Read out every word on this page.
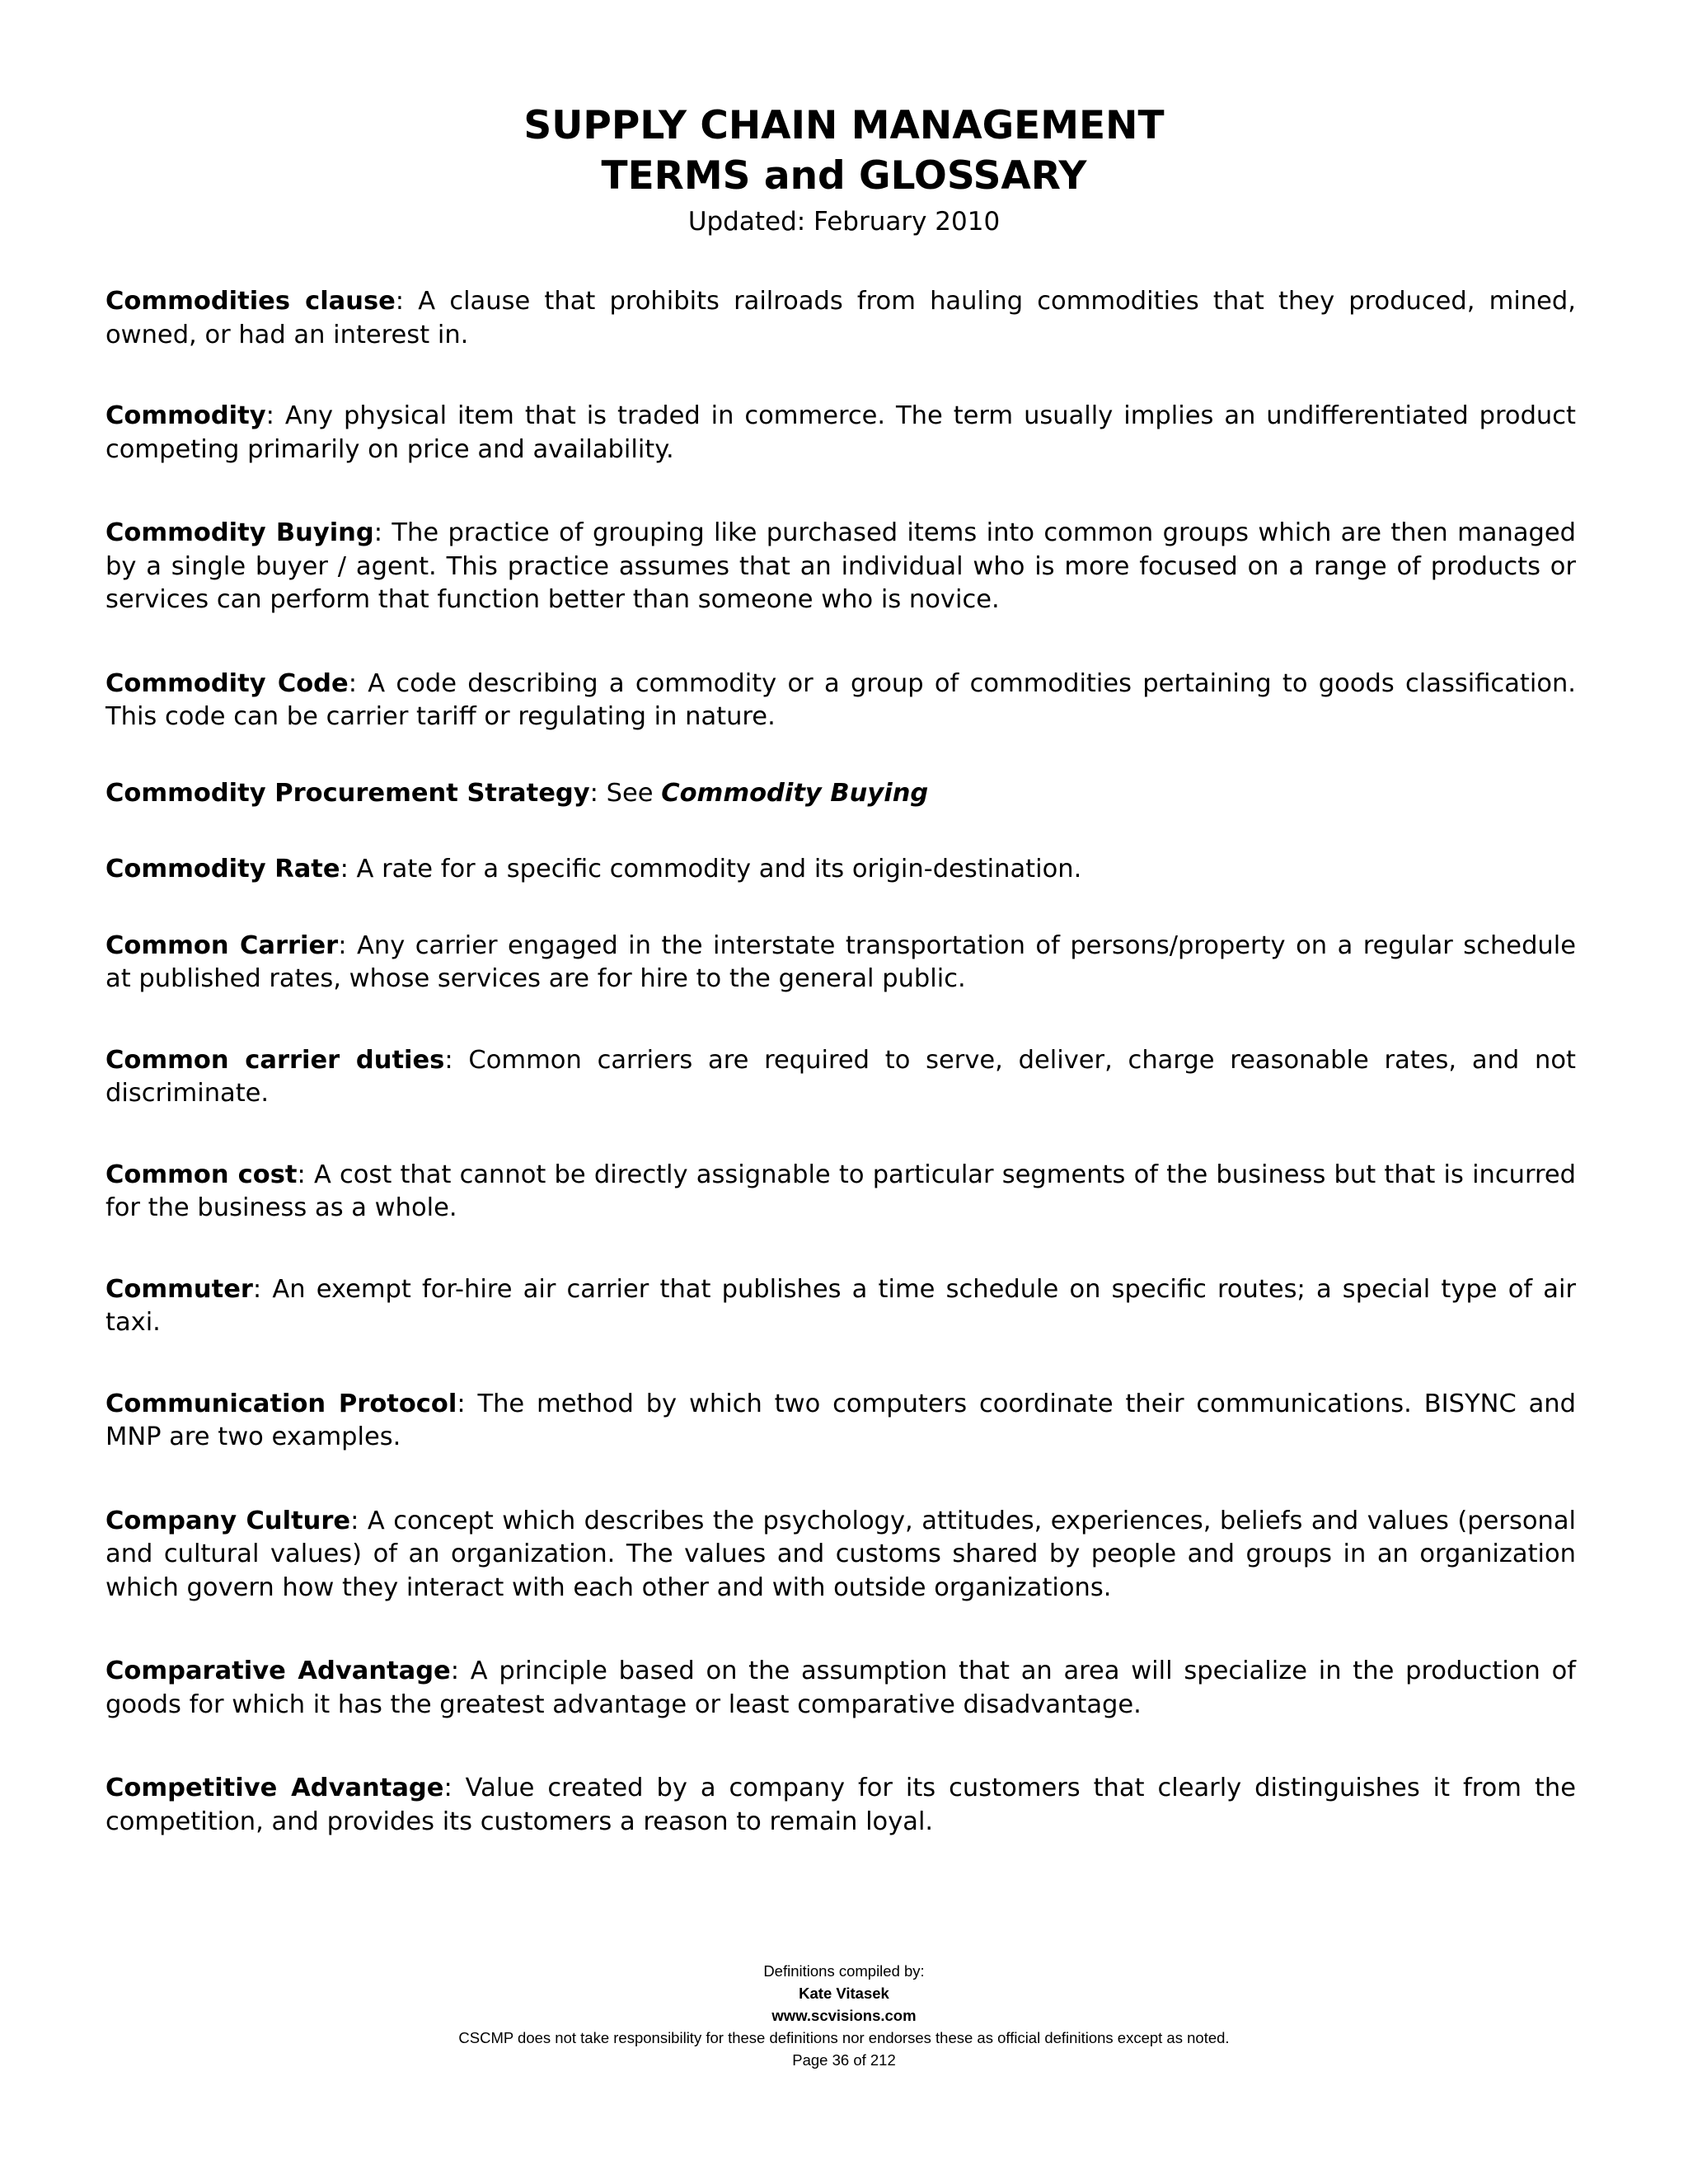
SUPPLY CHAIN MANAGEMENT
TERMS and GLOSSARY
Updated: February 2010

Commodities clause: A clause that prohibits railroads from hauling commodities that they produced, mined, owned, or had an interest in.

Commodity: Any physical item that is traded in commerce. The term usually implies an undifferentiated product competing primarily on price and availability.

Commodity Buying: The practice of grouping like purchased items into common groups which are then managed by a single buyer / agent. This practice assumes that an individual who is more focused on a range of products or services can perform that function better than someone who is novice.

Commodity Code: A code describing a commodity or a group of commodities pertaining to goods classification. This code can be carrier tariff or regulating in nature.

Commodity Procurement Strategy: See Commodity Buying

Commodity Rate: A rate for a specific commodity and its origin-destination.

Common Carrier: Any carrier engaged in the interstate transportation of persons/property on a regular schedule at published rates, whose services are for hire to the general public.

Common carrier duties: Common carriers are required to serve, deliver, charge reasonable rates, and not discriminate.

Common cost: A cost that cannot be directly assignable to particular segments of the business but that is incurred for the business as a whole.

Commuter: An exempt for-hire air carrier that publishes a time schedule on specific routes; a special type of air taxi.

Communication Protocol: The method by which two computers coordinate their communications. BISYNC and MNP are two examples.

Company Culture: A concept which describes the psychology, attitudes, experiences, beliefs and values (personal and cultural values) of an organization. The values and customs shared by people and groups in an organization which govern how they interact with each other and with outside organizations.

Comparative Advantage: A principle based on the assumption that an area will specialize in the production of goods for which it has the greatest advantage or least comparative disadvantage.

Competitive Advantage: Value created by a company for its customers that clearly distinguishes it from the competition, and provides its customers a reason to remain loyal.

Definitions compiled by:
Kate Vitasek
www.scvisions.com
CSCMP does not take responsibility for these definitions nor endorses these as official definitions except as noted.
Page 36 of 212
